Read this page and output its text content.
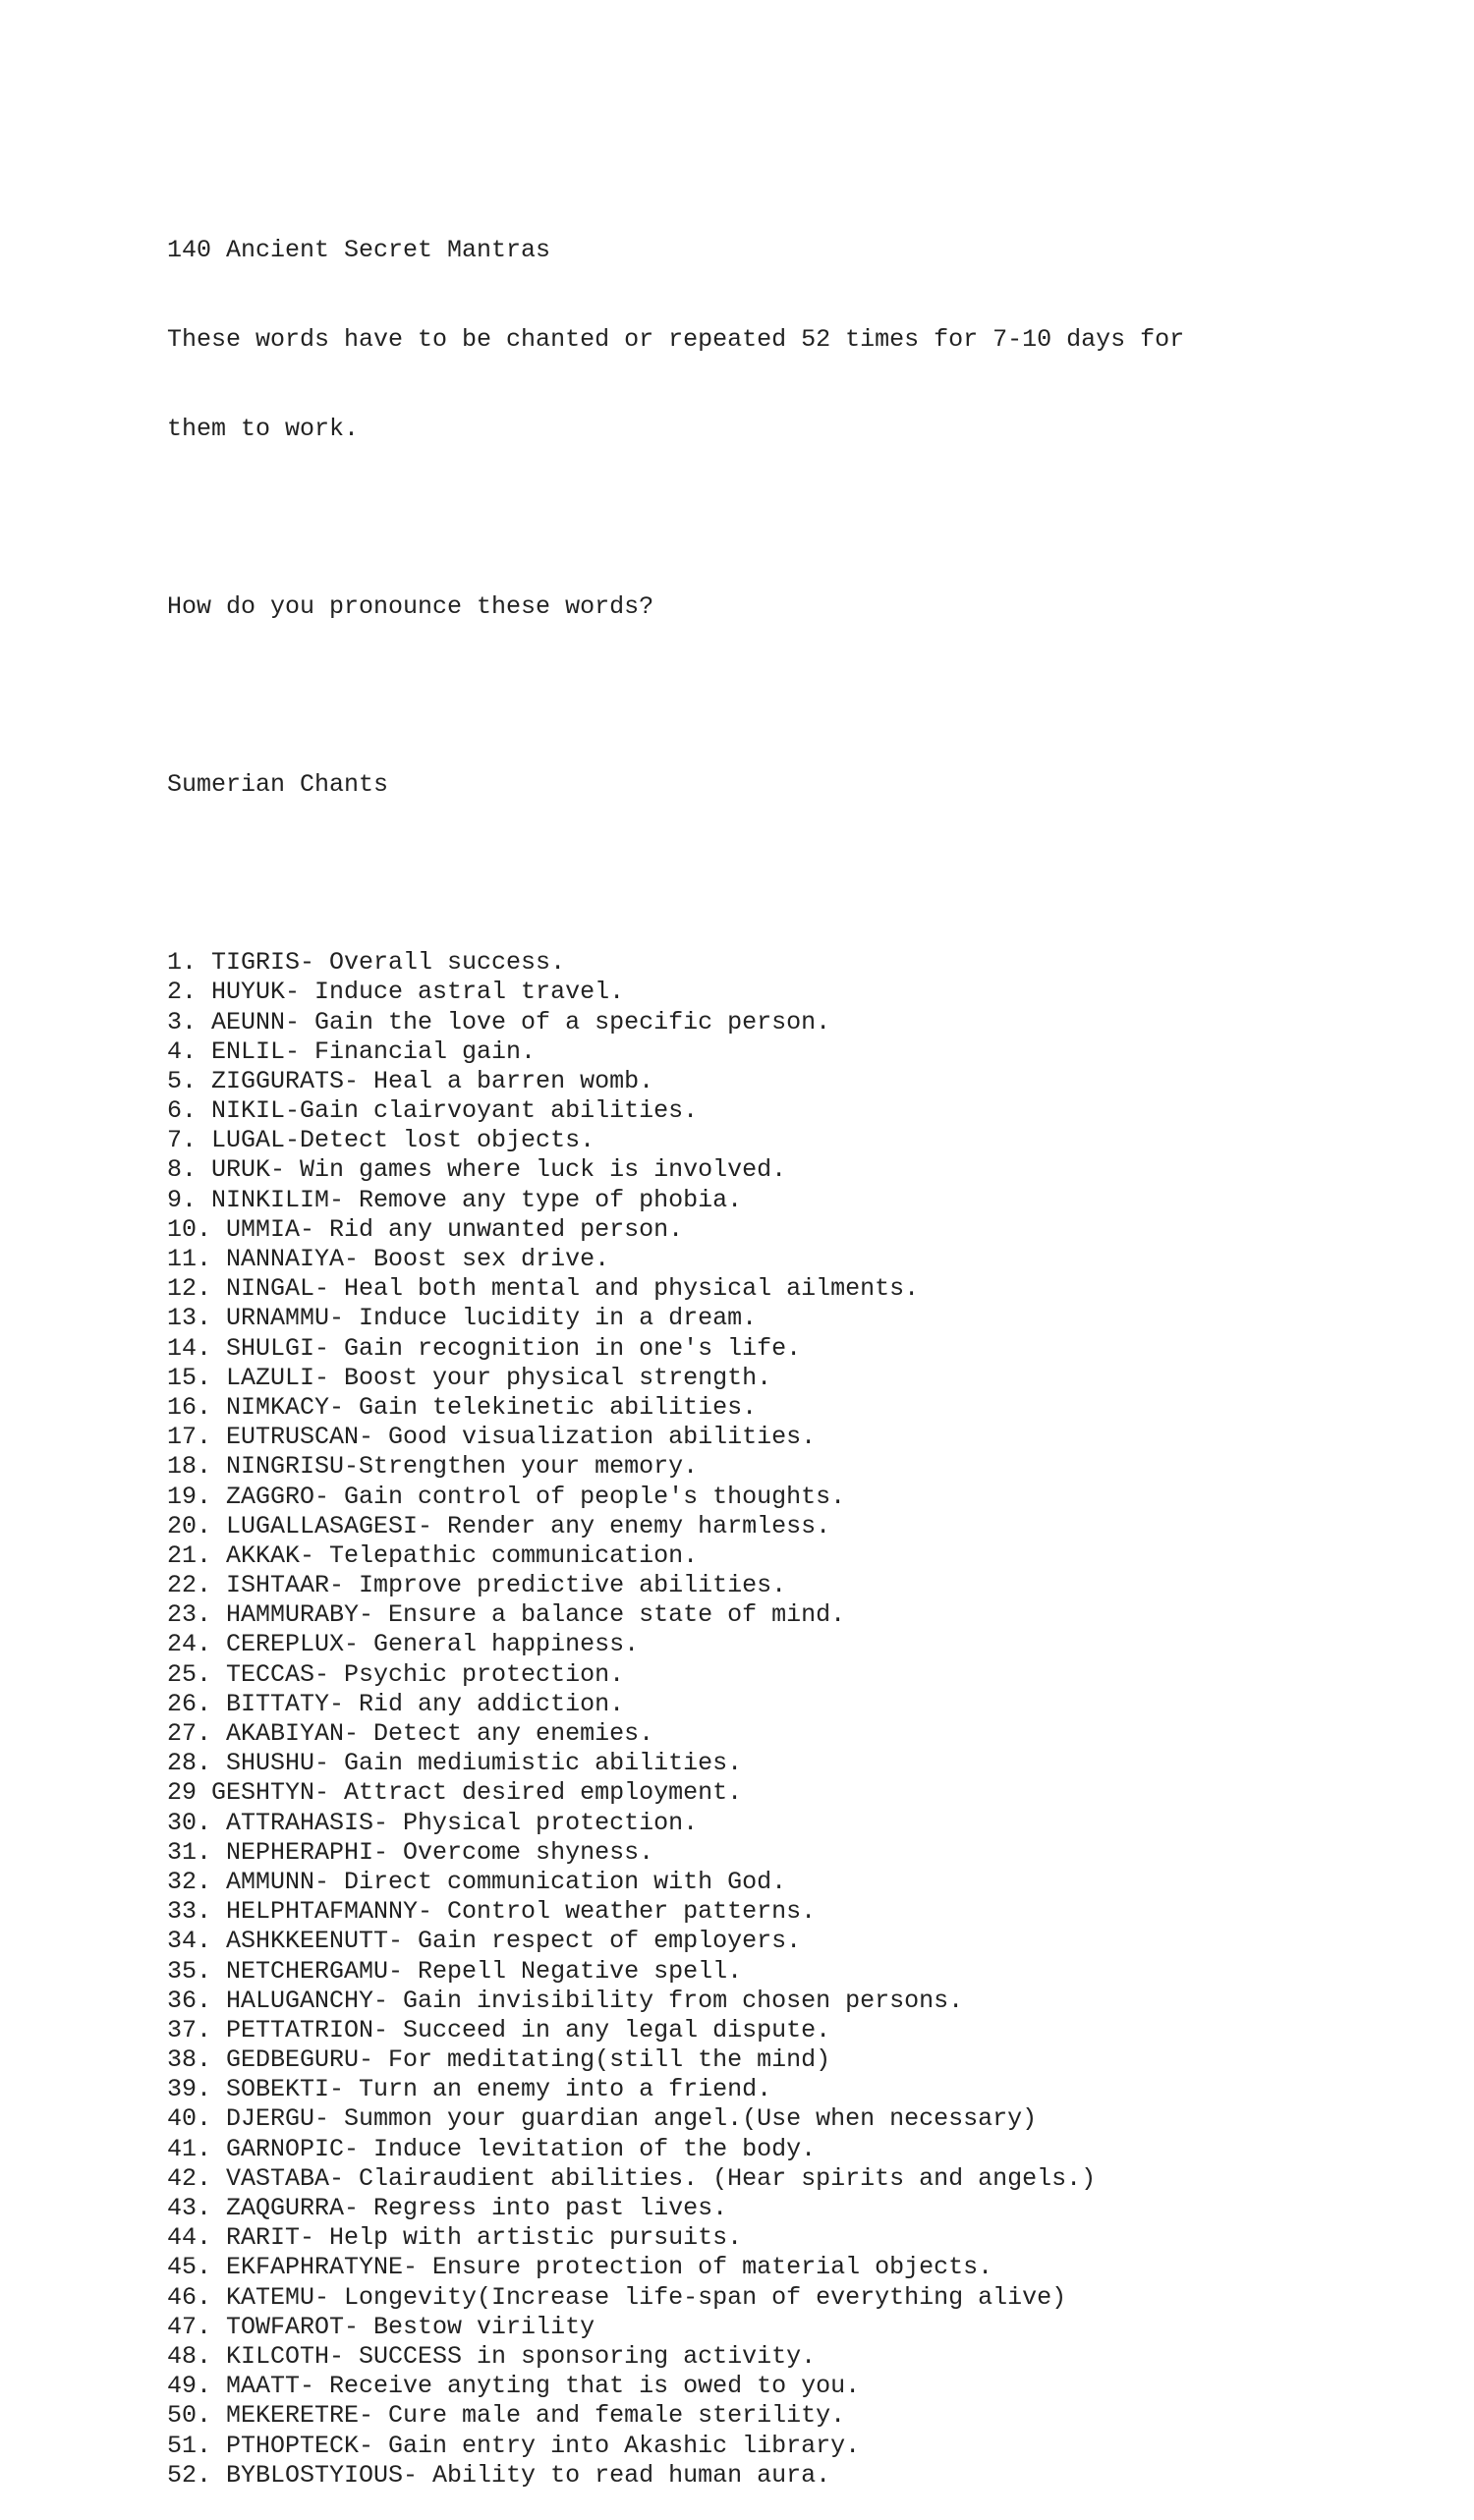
140 Ancient Secret Mantras

These words have to be chanted or repeated 52 times for 7-10 days for

them to work.

How do you pronounce these words?

Sumerian Chants

1. TIGRIS- Overall success.
2. HUYUK- Induce astral travel.
3. AEUNN- Gain the love of a specific person.
4. ENLIL- Financial gain.
5. ZIGGURATS- Heal a barren womb.
6. NIKIL-Gain clairvoyant abilities.
7. LUGAL-Detect lost objects.
8. URUK- Win games where luck is involved.
9. NINKILIM- Remove any type of phobia.
10. UMMIA- Rid any unwanted person.
11. NANNAIYA- Boost sex drive.
12. NINGAL- Heal both mental and physical ailments.
13. URNAMMU- Induce lucidity in a dream.
14. SHULGI- Gain recognition in one's life.
15. LAZULI- Boost your physical strength.
16. NIMKACY- Gain telekinetic abilities.
17. EUTRUSCAN- Good visualization abilities.
18. NINGRISU-Strengthen your memory.
19. ZAGGRO- Gain control of people's thoughts.
20. LUGALLASAGESI- Render any enemy harmless.
21. AKKAK- Telepathic communication.
22. ISHTAAR- Improve predictive abilities.
23. HAMMURABY- Ensure a balance state of mind.
24. CEREPLUX- General happiness.
25. TECCAS- Psychic protection.
26. BITTATY- Rid any addiction.
27. AKABIYAN- Detect any enemies.
28. SHUSHU- Gain mediumistic abilities.
29 GESHTYN- Attract desired employment.
30. ATTRAHASIS- Physical protection.
31. NEPHERAPHI- Overcome shyness.
32. AMMUNN- Direct communication with God.
33. HELPHTAFMANNY- Control weather patterns.
34. ASHKKEENUTT- Gain respect of employers.
35. NETCHERGAMU- Repell Negative spell.
36. HALUGANCHY- Gain invisibility from chosen persons.
37. PETTATRION- Succeed in any legal dispute.
38. GEDBEGURU- For meditating(still the mind)
39. SOBEKTI- Turn an enemy into a friend.
40. DJERGU- Summon your guardian angel.(Use when necessary)
41. GARNOPIC- Induce levitation of the body.
42. VASTABA- Clairaudient abilities. (Hear spirits and angels.)
43. ZAQGURRA- Regress into past lives.
44. RARIT- Help with artistic pursuits.
45. EKFAPHRATYNE- Ensure protection of material objects.
46. KATEMU- Longevity(Increase life-span of everything alive)
47. TOWFAROT- Bestow virility
48. KILCOTH- SUCCESS in sponsoring activity.
49. MAATT- Receive anyting that is owed to you.
50. MEKERETRE- Cure male and female sterility.
51. PTHOPTECK- Gain entry into Akashic library.
52. BYBLOSTYIOUS- Ability to read human aura.
